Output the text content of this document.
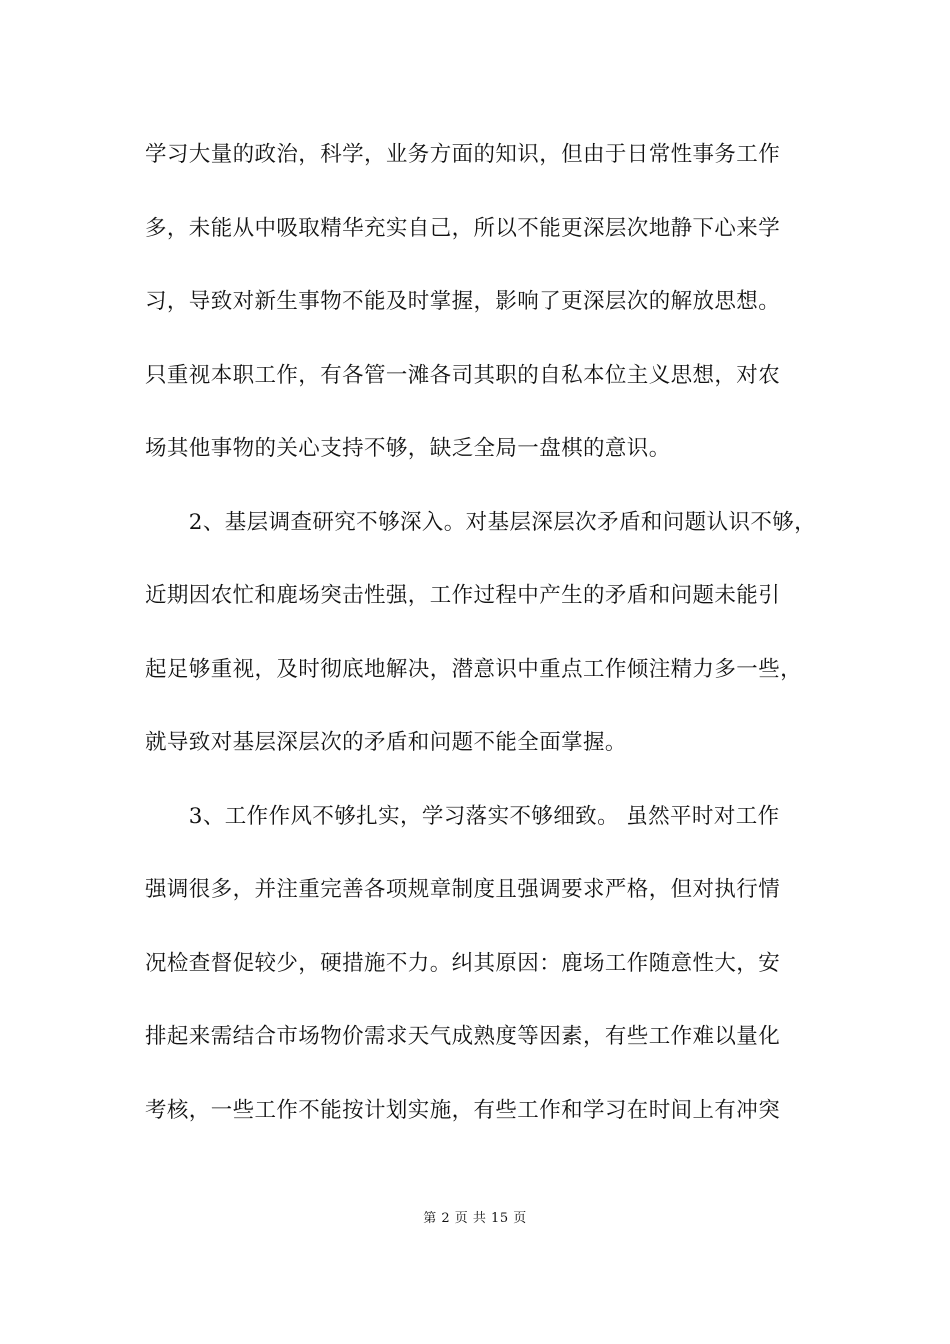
学习大量的政治，科学，业务方面的知识，但由于日常性事务工作
多，未能从中吸取精华充实自己，所以不能更深层次地静下心来学
习，导致对新生事物不能及时掌握，影响了更深层次的解放思想。
只重视本职工作，有各管一滩各司其职的自私本位主义思想，对农
场其他事物的关心支持不够，缺乏全局一盘棋的意识。
　　2、基层调查研究不够深入。对基层深层次矛盾和问题认识不够，
近期因农忙和鹿场突击性强，工作过程中产生的矛盾和问题未能引
起足够重视，及时彻底地解决，潜意识中重点工作倾注精力多一些，
就导致对基层深层次的矛盾和问题不能全面掌握。
　　3、工作作风不够扎实，学习落实不够细致。 虽然平时对工作
强调很多，并注重完善各项规章制度且强调要求严格，但对执行情
况检查督促较少，硬措施不力。纠其原因：鹿场工作随意性大，安
排起来需结合市场物价需求天气成熟度等因素，有些工作难以量化
考核，一些工作不能按计划实施，有些工作和学习在时间上有冲突
第 2 页 共 15 页
